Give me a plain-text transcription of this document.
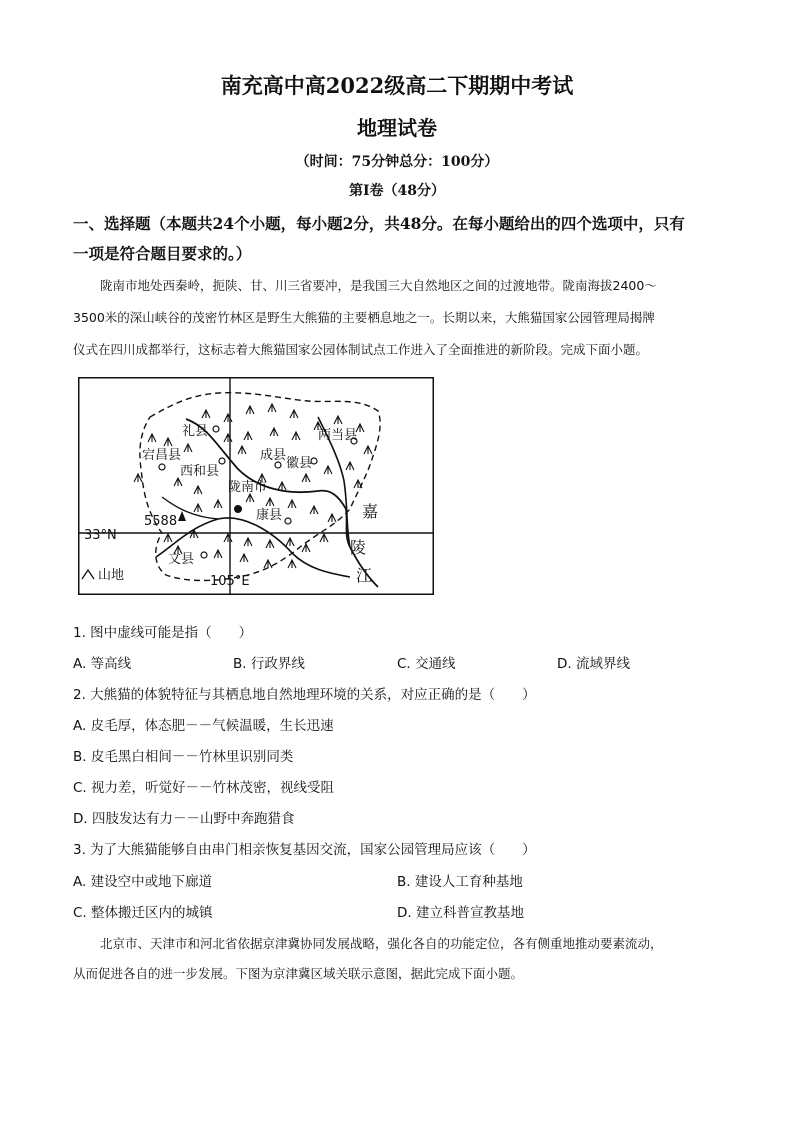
南充高中高2022级高二下期期中考试
地理试卷
（时间：75分钟总分：100分）
第I卷（48分）
一、选择题（本题共24个小题，每小题2分，共48分。在每小题给出的四个选项中，只有
一项是符合题目要求的。）
陇南市地处西秦岭，扼陕、甘、川三省要冲，是我国三大自然地区之间的过渡地带。陇南海拔2400～
3500米的深山峡谷的茂密竹林区是野生大熊猫的主要栖息地之一。长期以来，大熊猫国家公园管理局揭牌
仪式在四川成都举行，这标志着大熊猫国家公园体制试点工作进入了全面推进的新阶段。完成下面小题。
礼县	两当县
宕昌县
西和县
成县
徽县
陇南市
康县
文县
5588
33°N
105°E
嘉
陵
江
山地
1. 图中虚线可能是指（　　）
A. 等高线	B. 行政界线	C. 交通线	D. 流域界线
2. 大熊猫的体貌特征与其栖息地自然地理环境的关系，对应正确的是（　　）
A. 皮毛厚，体态肥－－气候温暖，生长迅速
B. 皮毛黑白相间－－竹林里识别同类
C. 视力差，听觉好－－竹林茂密，视线受阻
D. 四肢发达有力－－山野中奔跑猎食
3. 为了大熊猫能够自由串门相亲恢复基因交流，国家公园管理局应该（　　）
A. 建设空中或地下廊道	B. 建设人工育种基地
C. 整体搬迁区内的城镇	D. 建立科普宣教基地
北京市、天津市和河北省依据京津冀协同发展战略，强化各自的功能定位，各有侧重地推动要素流动，
从而促进各自的进一步发展。下图为京津冀区域关联示意图，据此完成下面小题。
